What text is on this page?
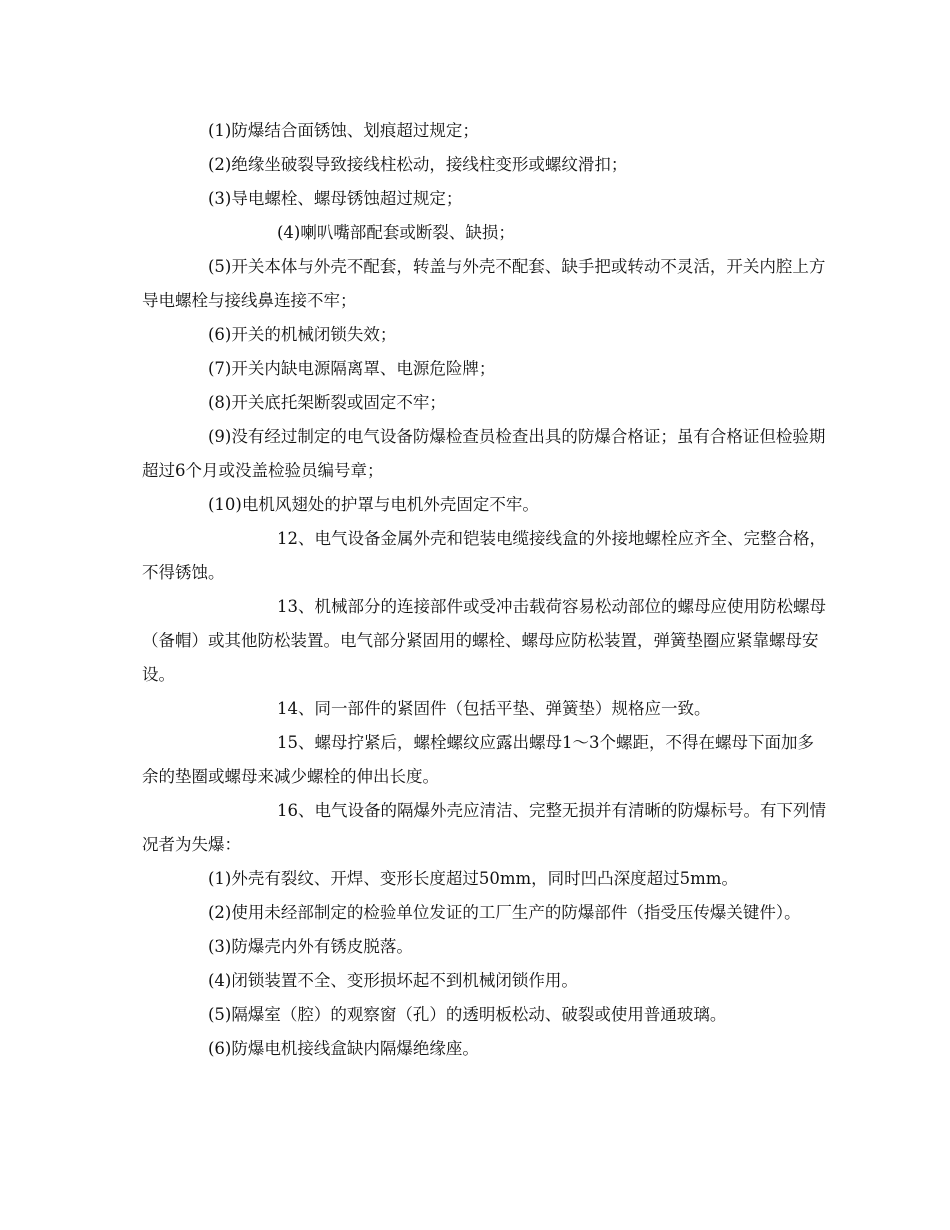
(1)防爆结合面锈蚀、划痕超过规定；

(2)绝缘坐破裂导致接线柱松动，接线柱变形或螺纹滑扣；

(3)导电螺栓、螺母锈蚀超过规定；

(4)喇叭嘴部配套或断裂、缺损；

(5)开关本体与外壳不配套，转盖与外壳不配套、缺手把或转动不灵活，开关内腔上方导电螺栓与接线鼻连接不牢；

(6)开关的机械闭锁失效；

(7)开关内缺电源隔离罩、电源危险牌；

(8)开关底托架断裂或固定不牢；

(9)没有经过制定的电气设备防爆检查员检查出具的防爆合格证；虽有合格证但检验期超过6个月或没盖检验员编号章；

(10)电机风翅处的护罩与电机外壳固定不牢。

12、电气设备金属外壳和铠装电缆接线盒的外接地螺栓应齐全、完整合格，不得锈蚀。

13、机械部分的连接部件或受冲击载荷容易松动部位的螺母应使用防松螺母（备帽）或其他防松装置。电气部分紧固用的螺栓、螺母应防松装置，弹簧垫圈应紧靠螺母安设。

14、同一部件的紧固件（包括平垫、弹簧垫）规格应一致。

15、螺母拧紧后，螺栓螺纹应露出螺母1～3个螺距，不得在螺母下面加多余的垫圈或螺母来减少螺栓的伸出长度。

16、电气设备的隔爆外壳应清洁、完整无损并有清晰的防爆标号。有下列情况者为失爆：

(1)外壳有裂纹、开焊、变形长度超过50mm，同时凹凸深度超过5mm。

(2)使用未经部制定的检验单位发证的工厂生产的防爆部件（指受压传爆关键件）。

(3)防爆壳内外有锈皮脱落。

(4)闭锁装置不全、变形损坏起不到机械闭锁作用。

(5)隔爆室（腔）的观察窗（孔）的透明板松动、破裂或使用普通玻璃。

(6)防爆电机接线盒缺内隔爆绝缘座。
